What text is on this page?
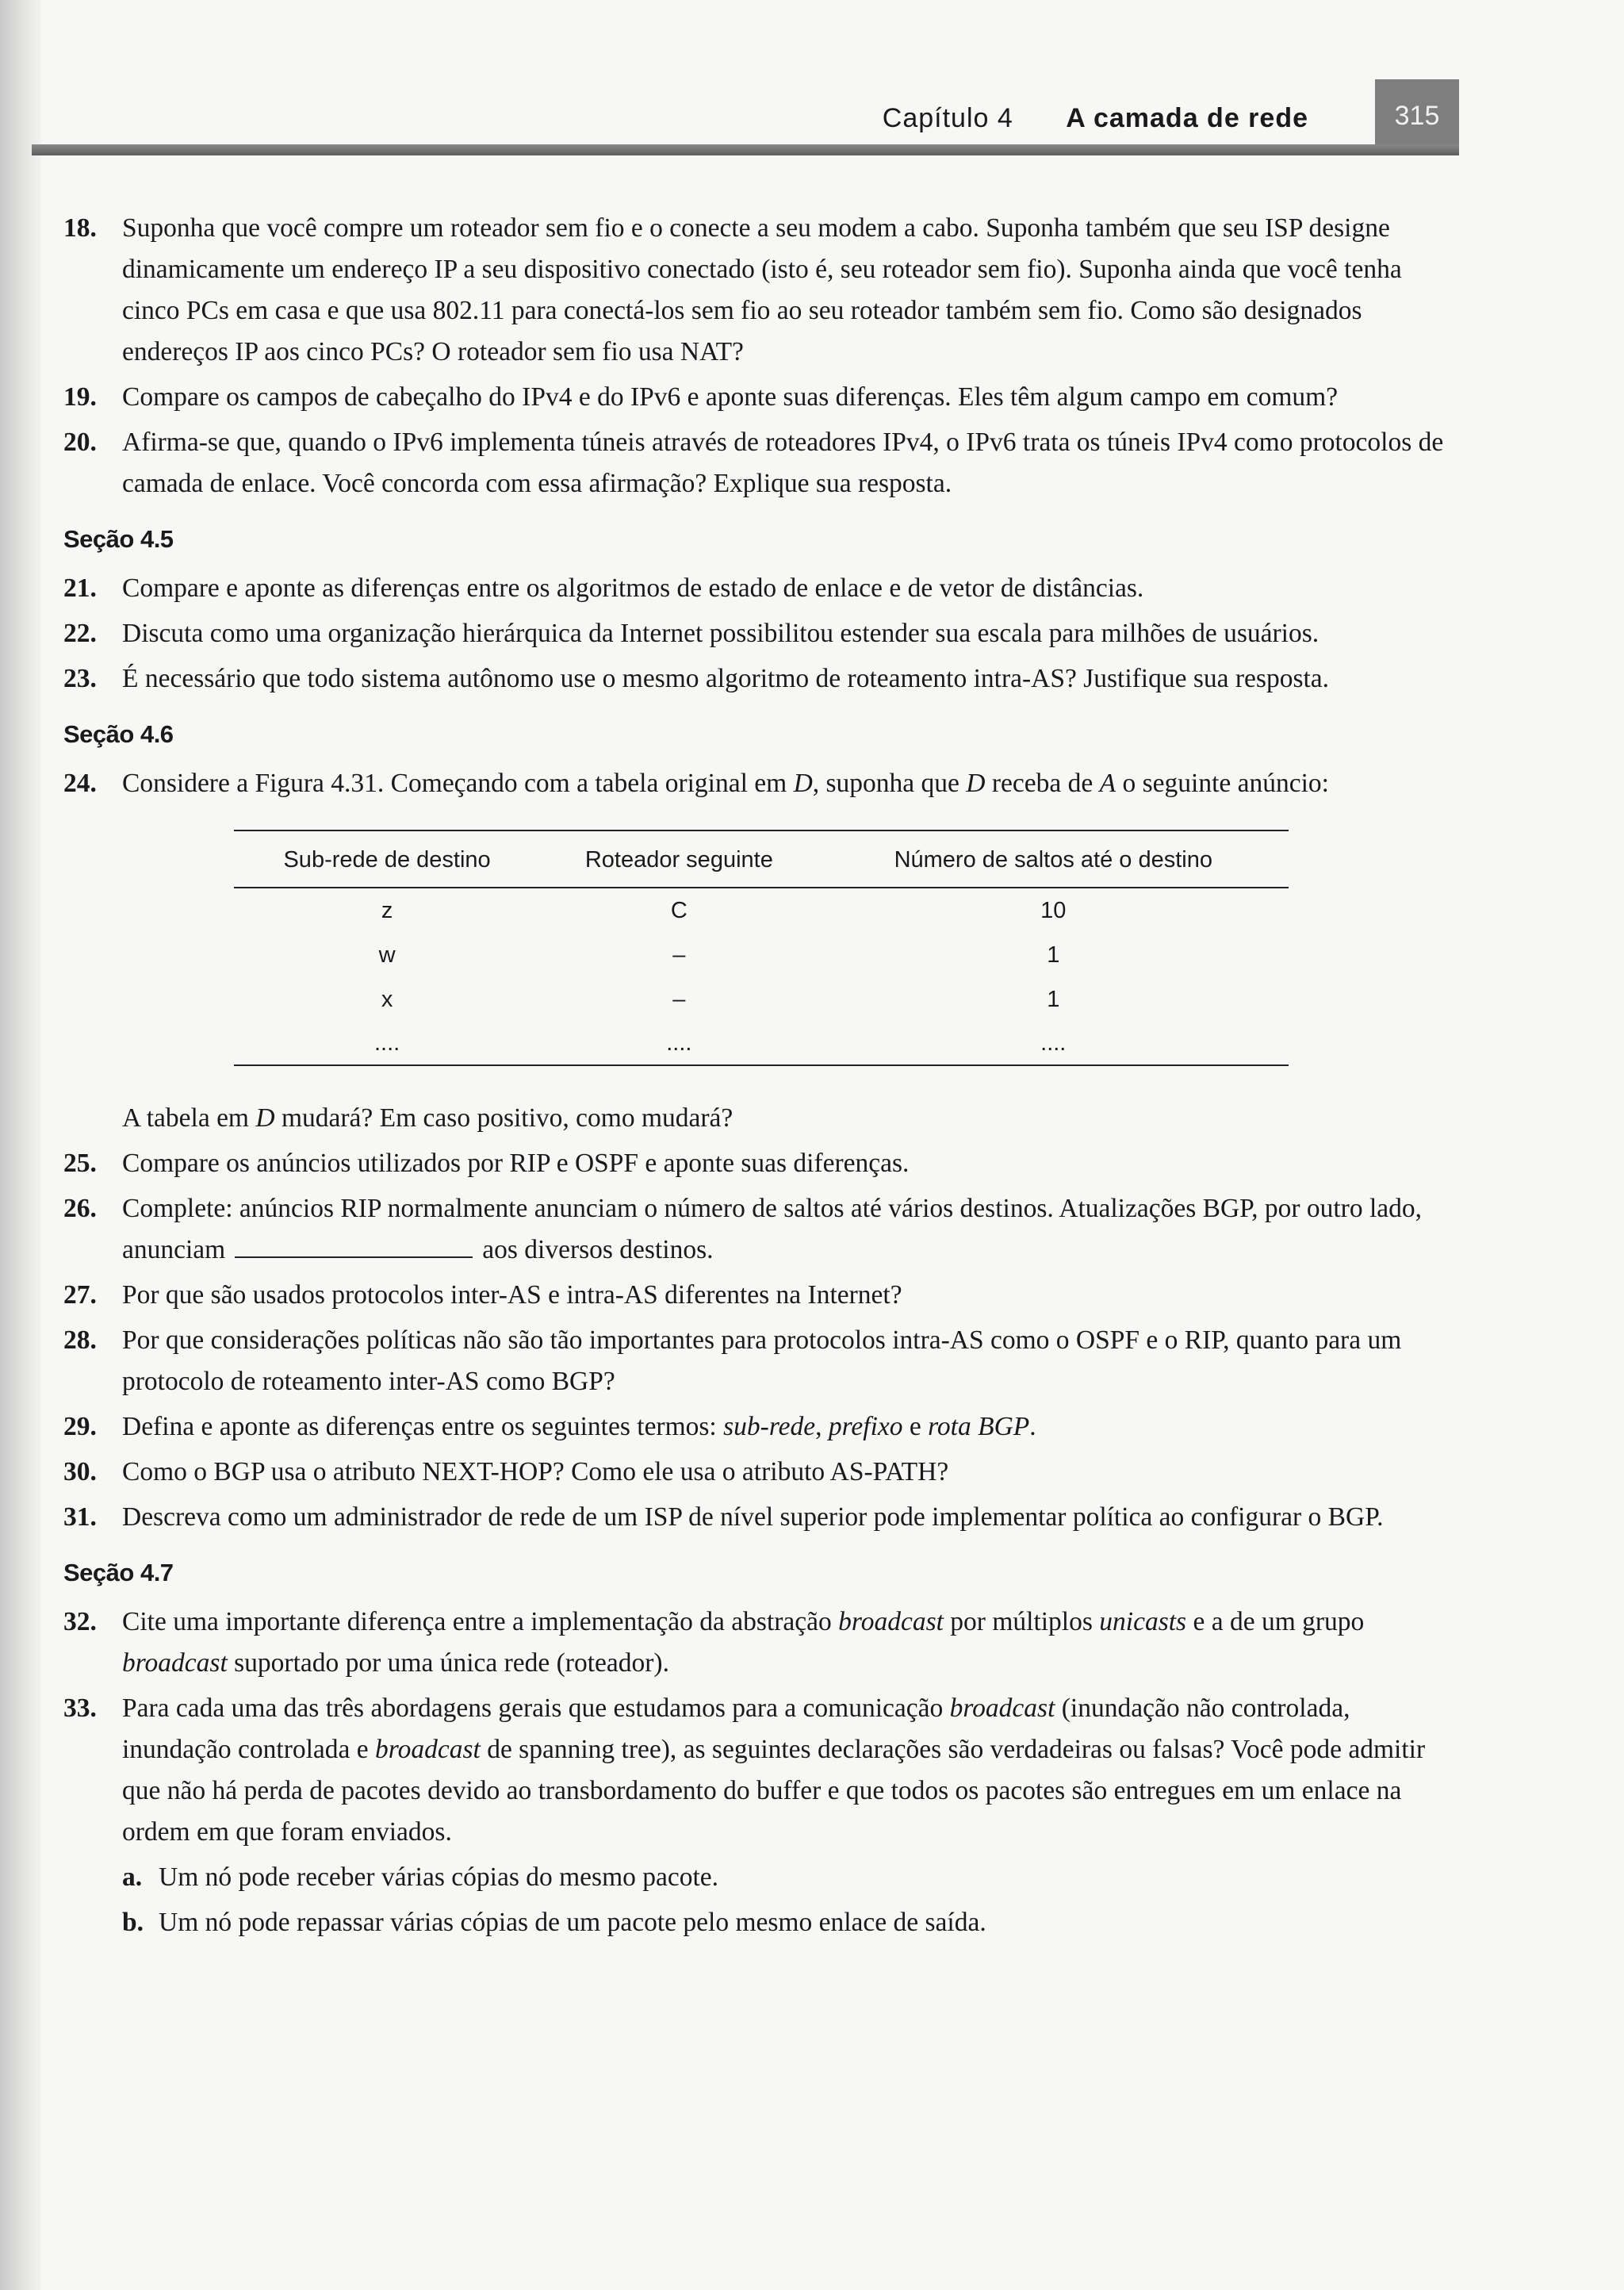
Capítulo 4 A camada de rede	315
18. Suponha que você compre um roteador sem fio e o conecte a seu modem a cabo. Suponha também que seu ISP designe dinamicamente um endereço IP a seu dispositivo conectado (isto é, seu roteador sem fio). Suponha ainda que você tenha cinco PCs em casa e que usa 802.11 para conectá-los sem fio ao seu roteador também sem fio. Como são designados endereços IP aos cinco PCs? O roteador sem fio usa NAT?
19. Compare os campos de cabeçalho do IPv4 e do IPv6 e aponte suas diferenças. Eles têm algum campo em comum?
20. Afirma-se que, quando o IPv6 implementa túneis através de roteadores IPv4, o IPv6 trata os túneis IPv4 como protocolos de camada de enlace. Você concorda com essa afirmação? Explique sua resposta.
Seção 4.5
21. Compare e aponte as diferenças entre os algoritmos de estado de enlace e de vetor de distâncias.
22. Discuta como uma organização hierárquica da Internet possibilitou estender sua escala para milhões de usuários.
23. É necessário que todo sistema autônomo use o mesmo algoritmo de roteamento intra-AS? Justifique sua resposta.
Seção 4.6
24. Considere a Figura 4.31. Começando com a tabela original em D, suponha que D receba de A o seguinte anúncio:
Sub-rede de destino	Roteador seguinte	Número de saltos até o destino
z	C	10
w	–	1
x	–	1
....	....	....
A tabela em D mudará? Em caso positivo, como mudará?
25. Compare os anúncios utilizados por RIP e OSPF e aponte suas diferenças.
26. Complete: anúncios RIP normalmente anunciam o número de saltos até vários destinos. Atualizações BGP, por outro lado, anunciam	aos diversos destinos.
27. Por que são usados protocolos inter-AS e intra-AS diferentes na Internet?
28. Por que considerações políticas não são tão importantes para protocolos intra-AS como o OSPF e o RIP, quanto para um protocolo de roteamento inter-AS como BGP?
29. Defina e aponte as diferenças entre os seguintes termos: sub-rede, prefixo e rota BGP.
30. Como o BGP usa o atributo NEXT-HOP? Como ele usa o atributo AS-PATH?
31. Descreva como um administrador de rede de um ISP de nível superior pode implementar política ao configurar o BGP.
Seção 4.7
32. Cite uma importante diferença entre a implementação da abstração broadcast por múltiplos unicasts e a de um grupo broadcast suportado por uma única rede (roteador).
33. Para cada uma das três abordagens gerais que estudamos para a comunicação broadcast (inundação não controlada, inundação controlada e broadcast de spanning tree), as seguintes declarações são verdadeiras ou falsas? Você pode admitir que não há perda de pacotes devido ao transbordamento do buffer e que todos os pacotes são entregues em um enlace na ordem em que foram enviados.
a. Um nó pode receber várias cópias do mesmo pacote.
b. Um nó pode repassar várias cópias de um pacote pelo mesmo enlace de saída.
